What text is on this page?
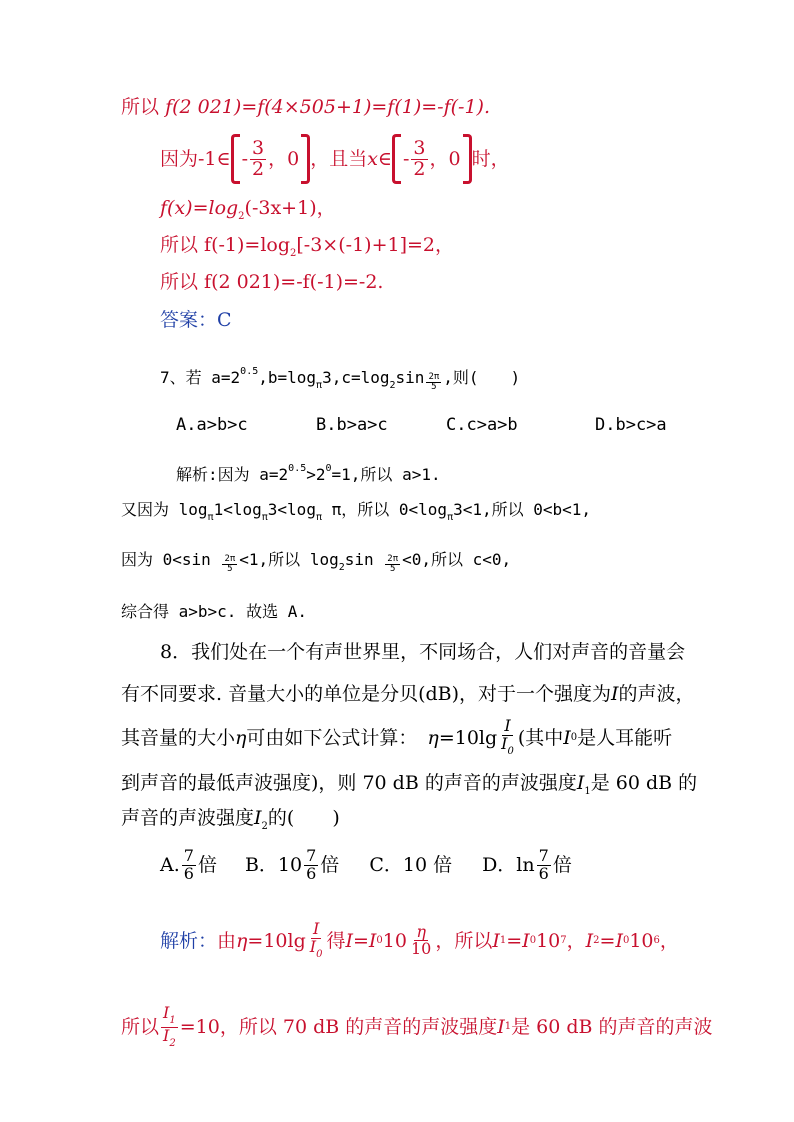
所以 f(2 021)=f(4×505+1)=f(1)=-f(-1).
因为-1∈ - $\frac{3}{2}$ ，0 ，且当 x ∈ - $\frac{3}{2}$ ，0 时，
$f(x)=\log_2(-3x+1)$，
所以 $f(-1)=\log_2[-3\times(-1)+1]=2$，
所以 f(2 021)=-f(-1)=-2.
答案：C
7、若 $a=2^{0.5},b=\log_\pi 3,c=\log_2\sin \frac{2\pi}{5}$ ,则(　　)
A.a>b>c	B.b>a>c	C.c>a>b	D.b>c>a
解析:因为 $a=2^{0.5}>2^0=1$,所以 a>1.
又因为 $\log_\pi 1<\log_\pi 3<\log_\pi$ π，所以 $0<\log_\pi 3<1$,所以 0<b<1,
因为 $0<\sin \frac{2\pi}{5} <1$,所以 $\log_2\sin \frac{2\pi}{5} <0$,所以 c<0,
综合得 a>b>c. 故选 A.
8．我们处在一个有声世界里，不同场合，人们对声音的音量会
有不同要求. 音量大小的单位是分贝(dB)，对于一个强度为I的声波，
其音量的大小 η 可由如下公式计算： $\eta =10\lg \frac{I}{I_0}$ (其中 I 0 是人耳能听
到声音的最低声波强度)，则 70 dB 的声音的声波强度$I_1$是 60 dB 的
声音的声波强度$I_2$的(　　)
A. $\frac{7}{6}$ 倍 B．$10 \frac{7}{6}$ 倍 C．10 倍 D．$\ln \frac{7}{6}$ 倍
解析： 由 $\eta =10\lg \frac{I}{I_0}$ 得 I=I 0 $10 \frac{\eta}{10}$ ，所以 I 1 =I 0 10 7 ， I 2 =I 0 10 6 ，
所以 $\frac{I_1}{I_2} =10$，所以 70 dB 的声音的声波强度 I 1 是 60 dB 的声音的声波
